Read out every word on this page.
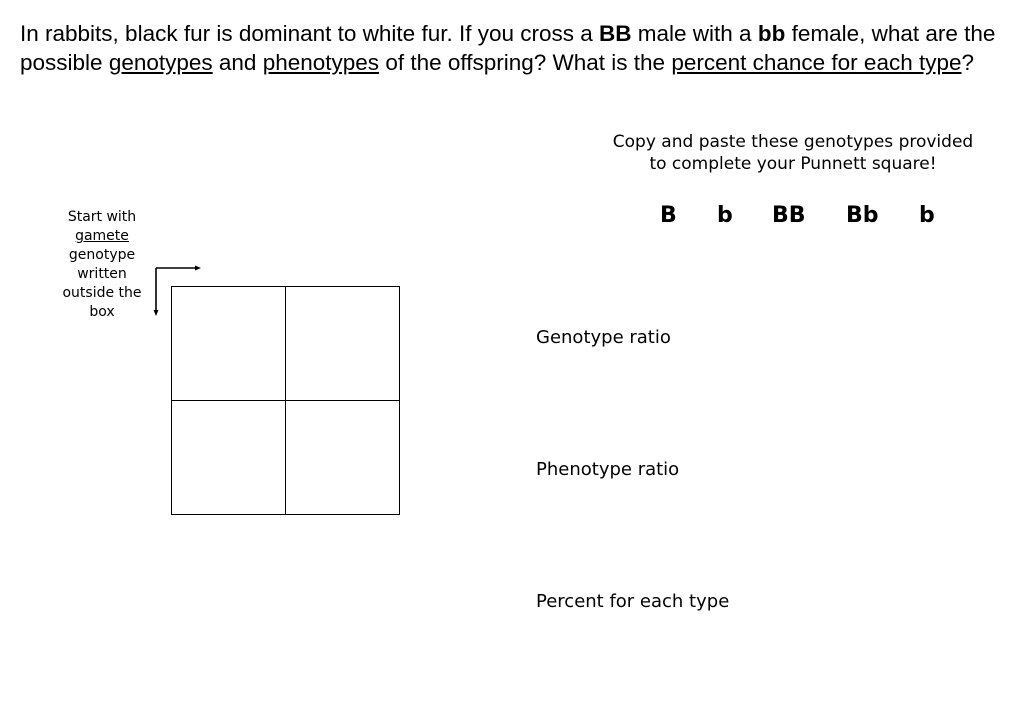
In rabbits, black fur is dominant to white fur. If you cross a BB male with a bb female, what are the possible genotypes and phenotypes of the offspring? What is the percent chance for each type?

Copy and paste these genotypes provided
to complete your Punnett square!
B b BB Bb b
Start with
gamete
genotype
written
outside the
box
Genotype ratio
Phenotype ratio
Percent for each type
